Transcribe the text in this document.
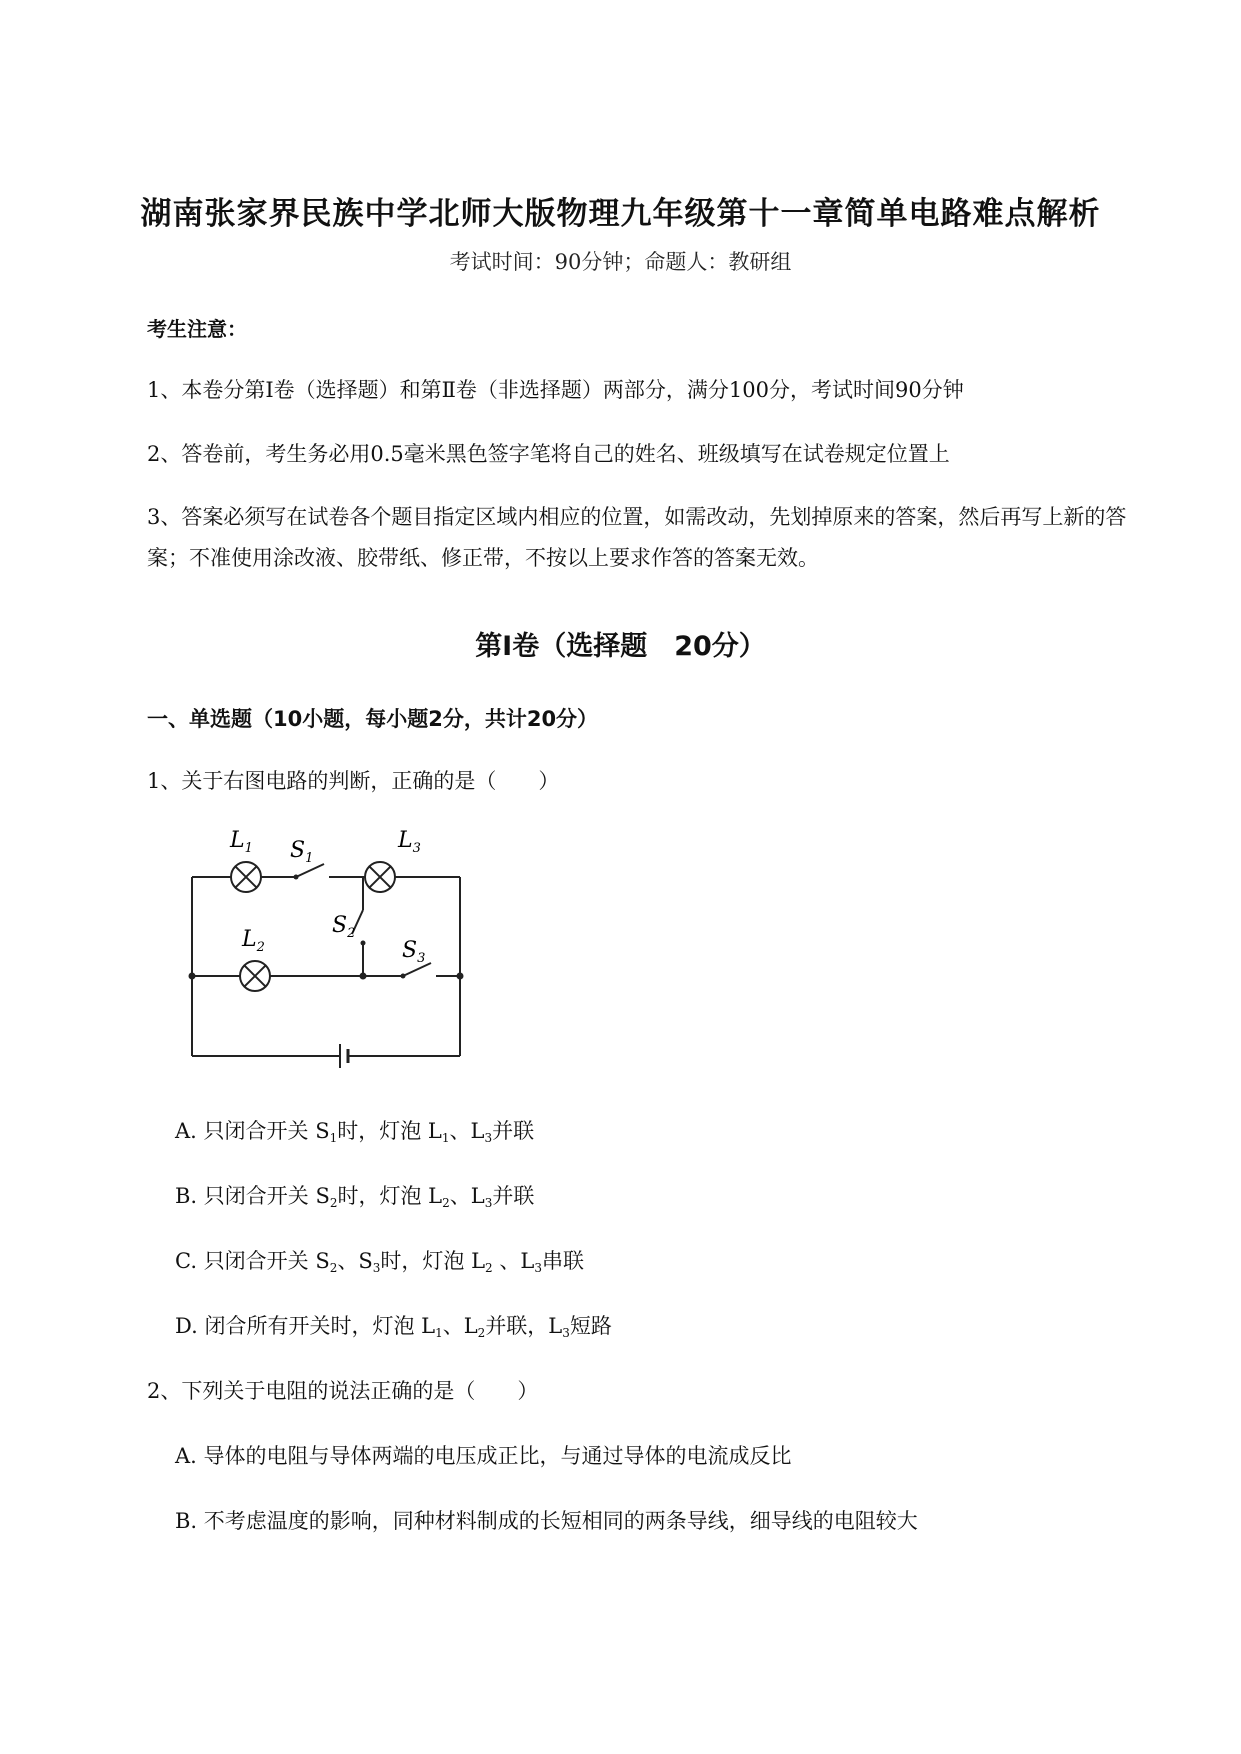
湖南张家界民族中学北师大版物理九年级第十一章简单电路难点解析
考试时间：90分钟；命题人：教研组
考生注意：
1、本卷分第I卷（选择题）和第Ⅱ卷（非选择题）两部分，满分100分，考试时间90分钟
2、答卷前，考生务必用0.5毫米黑色签字笔将自己的姓名、班级填写在试卷规定位置上
3、答案必须写在试卷各个题目指定区域内相应的位置，如需改动，先划掉原来的答案，然后再写上新的答案；不准使用涂改液、胶带纸、修正带，不按以上要求作答的答案无效。
第I卷（选择题　20分）
一、单选题（10小题，每小题2分，共计20分）
1、关于右图电路的判断，正确的是（　　）
$L_1$ $S_1$
$L_3$
$S_2$
$L_2$	$S_3$
A. 只闭合开关 $S_1$时，灯泡 $L_1$、$L_3$并联
B. 只闭合开关 $S_2$时，灯泡 $L_2$、$L_3$并联
C. 只闭合开关 $S_2$、$S_3$时，灯泡 $L_2$ 、$L_3$串联
D. 闭合所有开关时，灯泡 $L_1$、$L_2$并联，$L_3$短路
2、下列关于电阻的说法正确的是（　　）
A. 导体的电阻与导体两端的电压成正比，与通过导体的电流成反比
B. 不考虑温度的影响，同种材料制成的长短相同的两条导线，细导线的电阻较大
